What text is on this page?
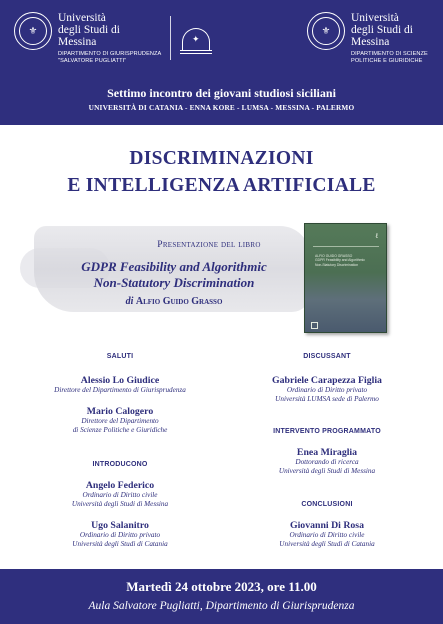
⚜
Università
degli Studi di
Messina
DIPARTIMENTO DI GIURISPRUDENZA
"SALVATORE PUGLIATTI"
✦
⚜
Università
degli Studi di
Messina
DIPARTIMENTO DI SCIENZE
POLITICHE E GIURIDICHE
Settimo incontro dei giovani studiosi siciliani
UNIVERSITÀ DI CATANIA - ENNA KORE - LUMSA - MESSINA - PALERMO
DISCRIMINAZIONI
E INTELLIGENZA ARTIFICIALE
Presentazione del libro
GDPR Feasibility and Algorithmic
Non-Statutory Discrimination
di Alfio Guido Grasso
ℓ
ALFIO GUIDO GRASSO
GDPR Feasibility and Algorithmic
Non-Statutory Discrimination
SALUTI
Alessio Lo Giudice
Direttore del Dipartimento di Giurisprudenza
Mario Calogero
Direttore del Dipartimento
di Scienze Politiche e Giuridiche
INTRODUCONO
Angelo Federico
Ordinario di Diritto civile
Università degli Studi di Messina
Ugo Salanitro
Ordinario di Diritto privato
Università degli Studi di Catania
DISCUSSANT
Gabriele Carapezza Figlia
Ordinario di Diritto privato
Università LUMSA sede di Palermo
INTERVENTO PROGRAMMATO
Enea Miraglia
Dottorando di ricerca
Università degli Studi di Messina
CONCLUSIONI
Giovanni Di Rosa
Ordinario di Diritto civile
Università degli Studi di Catania
Martedì 24 ottobre 2023, ore 11.00
Aula Salvatore Pugliatti, Dipartimento di Giurisprudenza
